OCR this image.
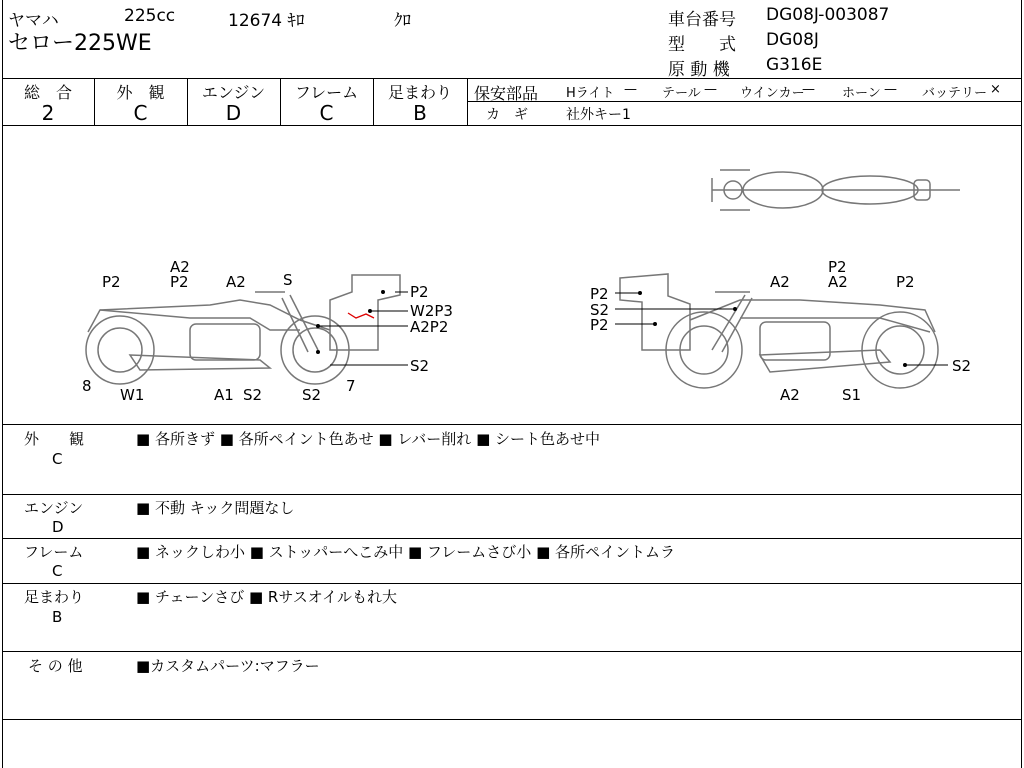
ヤマハ	225cc	12674 ｷﾛ	ｸﾛ
セロー225WE
車台番号 DG08J-003087
型　　式 DG08J
原 動 機 G316E
総　合
2
外　観
C
エンジン
D
フレーム
C
足まわり
B
保安部品 Hライト — テール — ウインカー
— ホーン — バッテリー ×
カ　ギ	社外キー1
A2
P2
P2	A2 S
P2
W2P3
A2P2
S2
8 W1	A1 S2	S2 7
P2
S2
P2
A2
P2
A2	P2
S2
A2	S1
外　　観
C
■ 各所きず ■ 各所ペイント色あせ ■ レバー削れ ■ シート色あせ中
エンジン
D
■ 不動 キック問題なし
フレーム
C
■ ネックしわ小 ■ ストッパーへこみ中 ■ フレームさび小 ■ 各所ペイントムラ
足まわり
B
■ チェーンさび ■ Rサスオイルもれ大
そ の 他	■カスタムパーツ:マフラー
